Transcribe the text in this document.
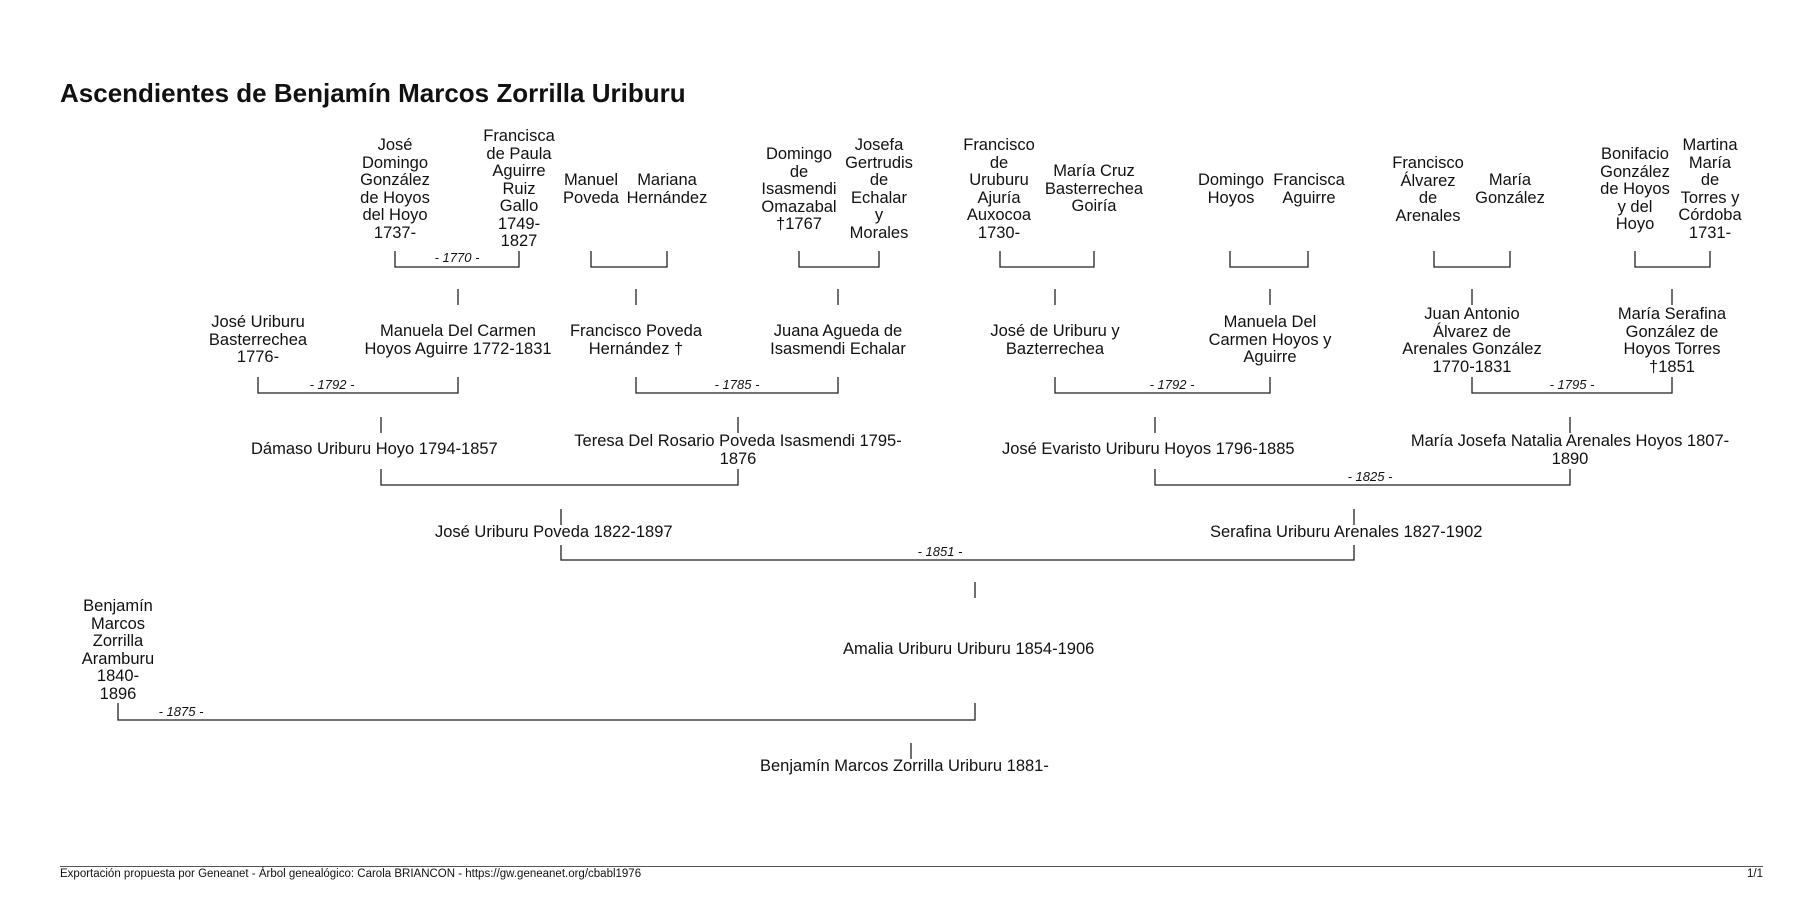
Ascendientes de Benjamín Marcos Zorrilla Uriburu
José
Domingo
González
de Hoyos
del Hoyo
1737-
Francisca
de Paula
Aguirre
Ruiz
Gallo
1749-
1827
Manuel
Poveda
Mariana
Hernández
Domingo
de
Isasmendi
Omazabal
†1767
Josefa
Gertrudis
de
Echalar
y
Morales
Francisco
de
Uruburu
Ajuría
Auxocoa
1730-
María Cruz
Basterrechea
Goiría
Domingo
Hoyos
Francisca
Aguirre
Francisco
Álvarez
de
Arenales
María
González
Bonifacio
González
de Hoyos
y del
Hoyo
Martina
María
de
Torres y
Córdoba
1731-
José Uriburu
Basterrechea
1776-
Manuela Del Carmen
Hoyos Aguirre 1772-1831
Francisco Poveda
Hernández †
Juana Agueda de
Isasmendi Echalar
José de Uriburu y
Bazterrechea
Manuela Del
Carmen Hoyos y
Aguirre
Juan Antonio
Álvarez de
Arenales González
1770-1831
María Serafina
González de
Hoyos Torres
†1851
Dámaso Uriburu Hoyo 1794-1857	Teresa Del Rosario Poveda Isasmendi 1795-
1876
José Evaristo Uriburu Hoyos 1796-1885	María Josefa Natalia Arenales Hoyos 1807-
1890
José Uriburu Poveda 1822-1897	Serafina Uriburu Arenales 1827-1902
Benjamín
Marcos
Zorrilla
Aramburu
1840-
1896
Amalia Uriburu Uriburu 1854-1906
Benjamín Marcos Zorrilla Uriburu 1881-
- 1770 -
- 1792 -	- 1785 -	- 1792 -	- 1795 -
- 1825 -
- 1851 -
- 1875 -
Exportación propuesta por Geneanet - Árbol genealógico: Carola BRIANCON - https://gw.geneanet.org/cbabl1976	1/1
